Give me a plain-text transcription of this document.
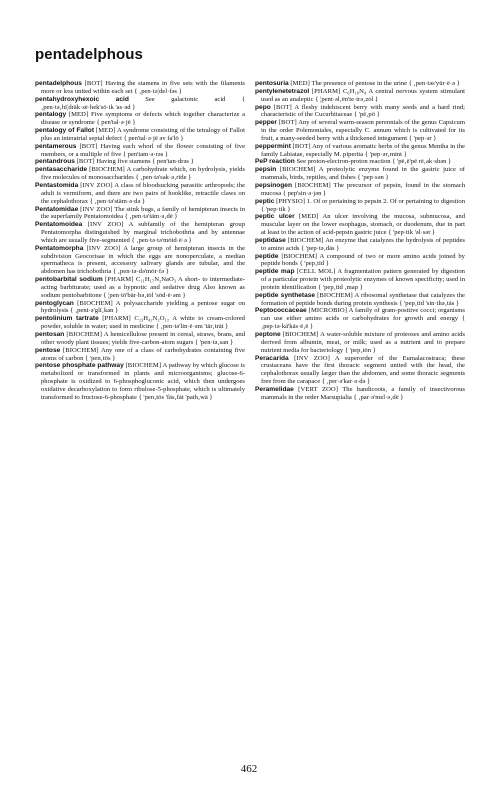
pentadelphous

pentadelphous [BOT] Having the stamens in five sets with the filaments more or less united within each set { ‚pen·tə¦del·fəs }

pentahydroxyhexoic acid See galactonic acid { ‚pen·tə‚hī¦dräk·sē·hek'sō·ik 'as·əd }

pentalogy [MED] Five symptoms or defects which together characterize a disease or syndrome { pen'tal·ə·jē }

pentalogy of Fallot [MED] A syndrome consisting of the tetralogy of Fallot plus an interatrial septal defect { pen'tal·ə·jē əv fa'lō }

pentamerous [BOT] Having each whorl of the flower consisting of five members, or a multiple of five { pen'tam·ə·rəs }

pentandrous [BOT] Having five stamens { pen'tan·drəs }

pentasaccharide [BIOCHEM] A carbohydrate which, on hydrolysis, yields five molecules of monosaccharides { ‚pen·tə'sak·ə‚rīde }

Pentastomida [INV ZOO] A class of bloodsucking parasitic arthropods; the adult is vermiform, and there are two pairs of hooklike, retractile claws on the cephalothorax { ‚pen·tə'stäm·ə·də }

Pentatomidae [INV ZOO] The stink bugs, a family of hemipteran insects in the superfamily Pentatomoidea { ‚pen·tə'täm·ə‚dē }

Pentatomoidea [INV ZOO] A subfamily of the hemipteran group Pentatomorpha distinguished by marginal trichobothria and by antennae which are usually five-segmented { ‚pen·tə·tə'mȯid·ē·ə }

Pentatomorpha [INV ZOO] A large group of hemipteran insects in the subdivision Geocorisae in which the eggs are nonoperculate, a median spermatheca is present, accessory salivary glands are tubular, and the abdomen has trichobothria { ‚pen·tə·də'mȯr·fə }

pentobarbital sodium [PHARM] C₁₁H₁₇N₂NaO₃ A short- to intermediate-acting barbiturate; used as a hypnotic and sedative drug Also known as sodium pentobarbitone { ¦pen·tō'bär·bə‚tȯl 'sōd·ē·əm }

pentoglycan [BIOCHEM] A polysaccharide yielding a pentose sugar on hydrolysis { ‚pent·ə'glī‚kan }

pentolinium tartrate [PHARM] C₂₃H₄₂N₂O₁₂ A white to cream-colored powder, soluble in water; used in medicine { ‚pen·tə'lin·ē·əm 'tär‚trāt }

pentosan [BIOCHEM] A hemicellulose present in cereal, straws, brans, and other woody plant tissues; yields five-carbon-atom sugars { 'pen·tə‚san }

pentose [BIOCHEM] Any one of a class of carbohydrates containing five atoms of carbon { 'pen‚tōs }

pentose phosphate pathway [BIOCHEM] A pathway by which glucose is metabolized or transformed in plants and microorganisms; glucose-6-phosphate is oxidized to 6-phosphogluconic acid, which then undergoes oxidative decarboxylation to form ribulose-5-phosphate, which is ultimately transformed to fructose-6-phosphate { 'pen‚tōs 'fäs‚fāt 'path‚wā }

pentosuria [MED] The presence of pentose in the urine { ‚pen·təs'yür·ē·ə }

pentylenetetrazol [PHARM] C₆H₁₀N₄ A central nervous system stimulant used as an analeptic { ¦pent·əl‚ēn'te·trə‚zȯl }

pepo [BOT] A fleshy indehiscent berry with many seeds and a hard rind; characteristic of the Cucurbitaceae { 'pē‚pō }

pepper [BOT] Any of several warm-season perennials of the genus Capsicum in the order Polemoniales, especially C. annum which is cultivated for its fruit, a many-seeded berry with a thickened integument { 'pep·ər }

peppermint [BOT] Any of various aromatic herbs of the genus Mentha in the family Labiatae, especially M. piperita { 'pep·ər‚mint }

PeP reaction See proton-electron-proton reaction { 'pē‚ē'pē rē‚ak·shən }

pepsin [BIOCHEM] A proteolytic enzyme found in the gastric juice of mammals, birds, reptiles, and fishes { 'pep·sən }

pepsinogen [BIOCHEM] The precursor of pepsin, found in the stomach mucosa { pep'sin·ə·jən }

peptic [PHYSIO] 1. Of or pertaining to pepsin 2. Of or pertaining to digestion { 'pep·tik }

peptic ulcer [MED] An ulcer involving the mucosa, submucosa, and muscular layer on the lower esophagus, stomach, or duodenum, due in part at least to the action of acid-pepsin gastric juice { 'pep·tik 'əl·sər }

peptidase [BIOCHEM] An enzyme that catalyzes the hydrolysis of peptides to amino acids { 'pep·tə‚dās }

peptide [BIOCHEM] A compound of two or more amino acids joined by peptide bonds { 'pep‚tīd }

peptide map [CELL MOL] A fragmentation pattern generated by digestion of a particular protein with proteolytic enzymes of known specificity; used in protein identification { 'pep‚tīd ‚map }

peptide synthetase [BIOCHEM] A ribosomal synthetase that catalyzes the formation of peptide bonds during protein synthesis { 'pep‚tīd 'sin·thə‚tās }

Peptococcaceae [MICROBIO] A family of gram-positive cocci; organisms can use either amino acids or carbohydrates for growth and energy { ‚pep·tə·kä'kās·ē‚ē }

peptone [BIOCHEM] A water-soluble mixture of proteoses and amino acids derived from albumin, meat, or milk; used as a nutrient and to prepare nutrient media for bacteriology { 'pep‚tōn }

Peracarida [INV ZOO] A superorder of the Eumalacostraca; these crustaceans have the first thoracic segment united with the head, the cephalothorax usually larger than the abdomen, and some thoracic segments free from the carapace { ‚per·ə'kar·ə·də }

Peramelidae [VERT ZOO] The bandicoots, a family of insectivorous mammals in the order Marsupialia { ‚par·ə'mel·ə‚dē }

462
